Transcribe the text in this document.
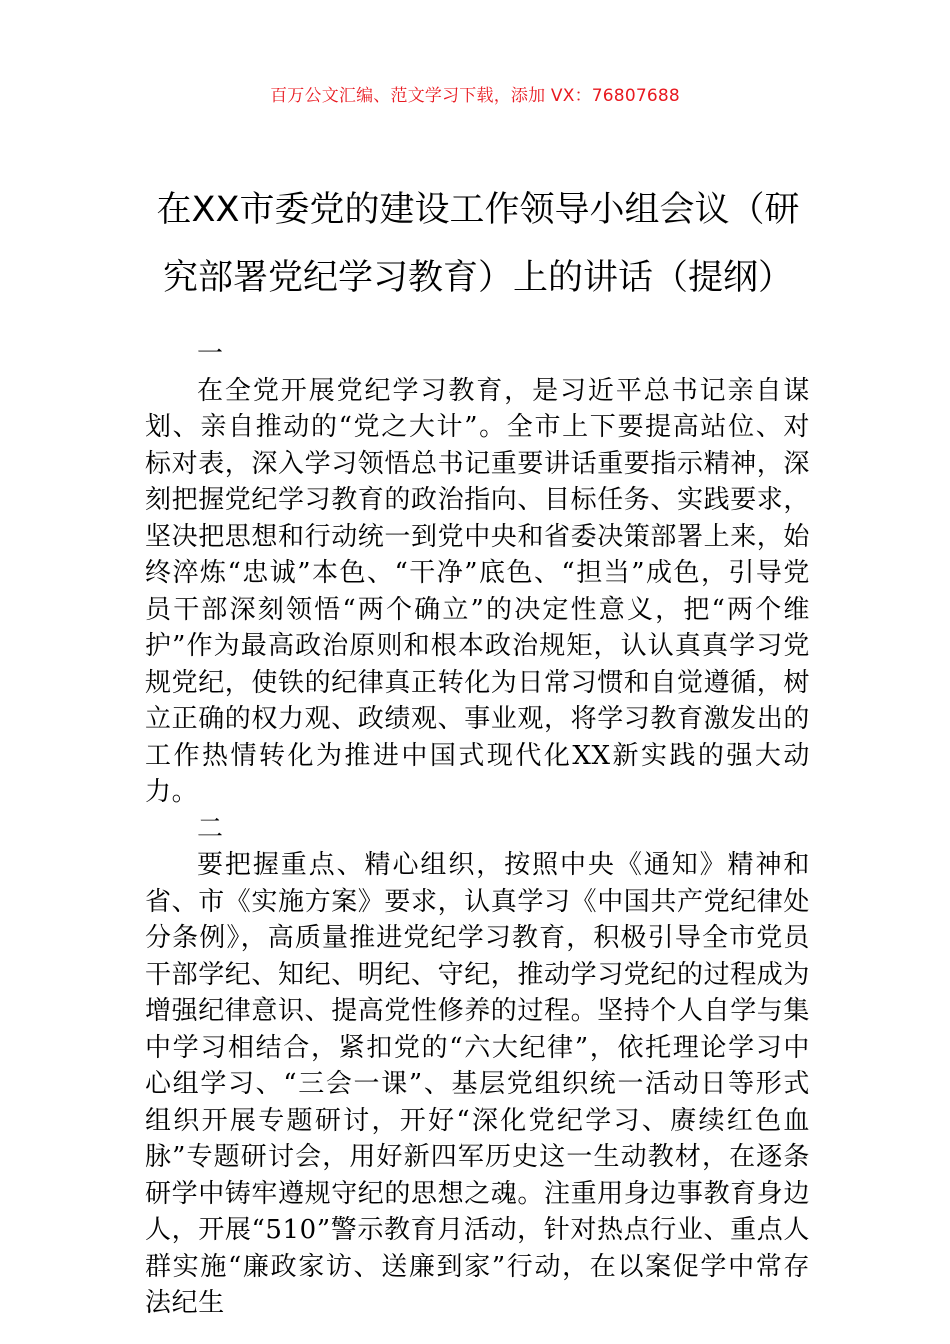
百万公文汇编、范文学习下载，添加 VX：76807688
在XX市委党的建设工作领导小组会议（研究部署党纪学习教育）上的讲话（提纲）

一

在全党开展党纪学习教育，是习近平总书记亲自谋划、亲自推动的“党之大计”。全市上下要提高站位、对标对表，深入学习领悟总书记重要讲话重要指示精神，深刻把握党纪学习教育的政治指向、目标任务、实践要求，坚决把思想和行动统一到党中央和省委决策部署上来，始终淬炼“忠诚”本色、“干净”底色、“担当”成色，引导党员干部深刻领悟“两个确立”的决定性意义，把“两个维护”作为最高政治原则和根本政治规矩，认认真真学习党规党纪，使铁的纪律真正转化为日常习惯和自觉遵循，树立正确的权力观、政绩观、事业观，将学习教育激发出的工作热情转化为推进中国式现代化XX新实践的强大动力。

二

要把握重点、精心组织，按照中央《通知》精神和省、市《实施方案》要求，认真学习《中国共产党纪律处分条例》，高质量推进党纪学习教育，积极引导全市党员干部学纪、知纪、明纪、守纪，推动学习党纪的过程成为增强纪律意识、提高党性修养的过程。坚持个人自学与集中学习相结合，紧扣党的“六大纪律”，依托理论学习中心组学习、“三会一课”、基层党组织统一活动日等形式组织开展专题研讨，开好“深化党纪学习、赓续红色血脉”专题研讨会，用好新四军历史这一生动教材，在逐条研学中铸牢遵规守纪的思想之魂。注重用身边事教育身边人，开展“510”警示教育月活动，针对热点行业、重点人群实施“廉政家访、送廉到家”行动，在以案促学中常存法纪生
